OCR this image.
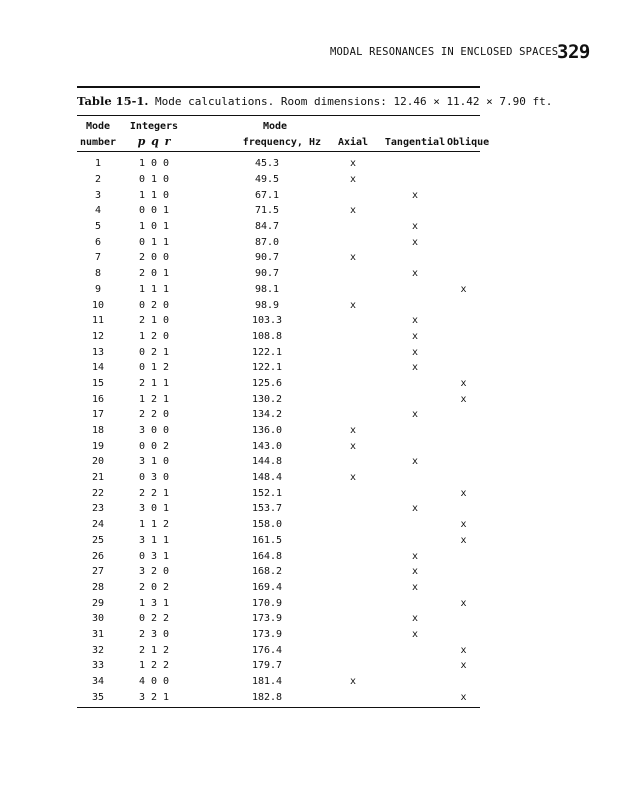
MODAL RESONANCES IN ENCLOSED SPACES
329
Table 15-1. Mode calculations. Room dimensions: 12.46 × 11.42 × 7.90 ft.
Mode	Integers	Mode			
number	p q r	frequency, Hz	Axial	Tangential	Oblique
1	1 0 0	45.3	x		
2	0 1 0	49.5	x		
3	1 1 0	67.1		x	
4	0 0 1	71.5	x		
5	1 0 1	84.7		x	
6	0 1 1	87.0		x	
7	2 0 0	90.7	x		
8	2 0 1	90.7		x	
9	1 1 1	98.1			x
10	0 2 0	98.9	x		
11	2 1 0	103.3		x	
12	1 2 0	108.8		x	
13	0 2 1	122.1		x	
14	0 1 2	122.1		x	
15	2 1 1	125.6			x
16	1 2 1	130.2			x
17	2 2 0	134.2		x	
18	3 0 0	136.0	x		
19	0 0 2	143.0	x		
20	3 1 0	144.8		x	
21	0 3 0	148.4	x		
22	2 2 1	152.1			x
23	3 0 1	153.7		x	
24	1 1 2	158.0			x
25	3 1 1	161.5			x
26	0 3 1	164.8		x	
27	3 2 0	168.2		x	
28	2 0 2	169.4		x	
29	1 3 1	170.9			x
30	0 2 2	173.9		x	
31	2 3 0	173.9		x	
32	2 1 2	176.4			x
33	1 2 2	179.7			x
34	4 0 0	181.4	x		
35	3 2 1	182.8			x
